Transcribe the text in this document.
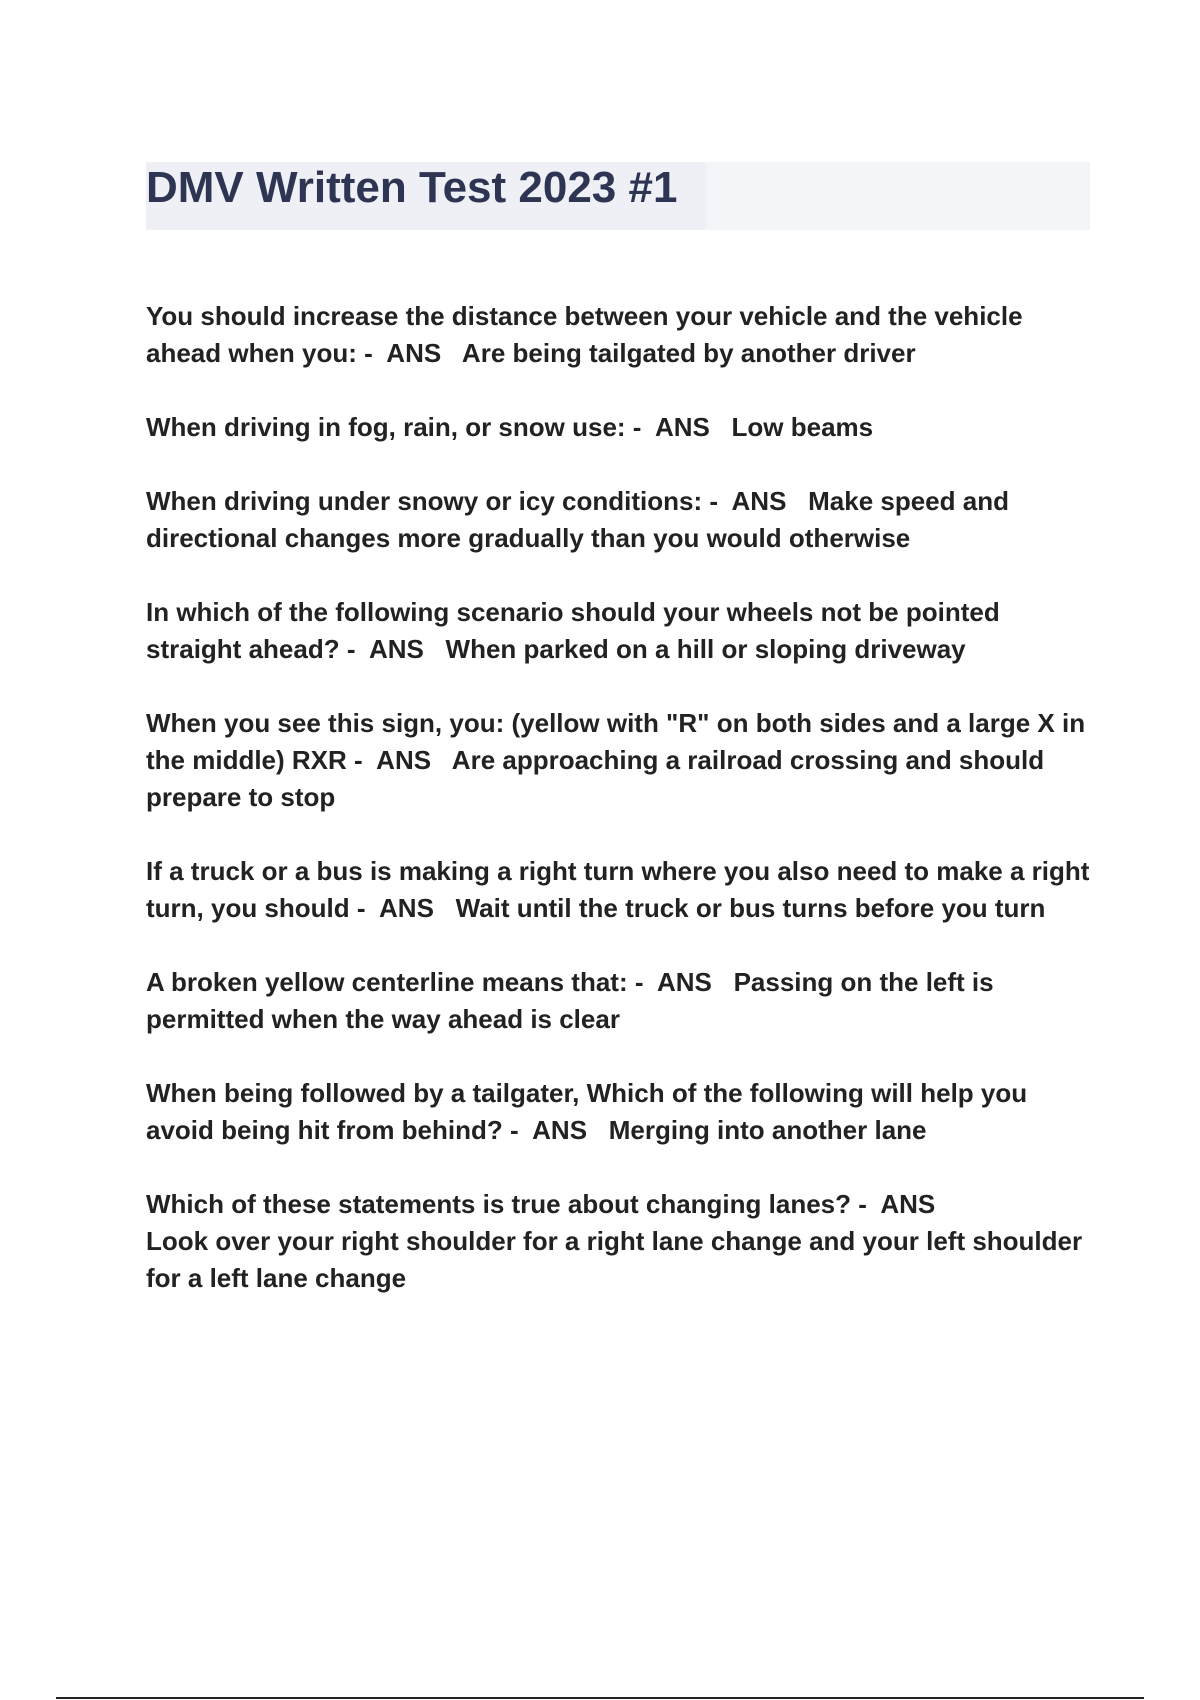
DMV Written Test 2023 #1
You should increase the distance between your vehicle and the vehicle ahead when you: -  ANS Are being tailgated by another driver
When driving in fog, rain, or snow use: -  ANS Low beams
When driving under snowy or icy conditions: -  ANS Make speed and directional changes more gradually than you would otherwise
In which of the following scenario should your wheels not be pointed straight ahead? -  ANS When parked on a hill or sloping driveway
When you see this sign, you: (yellow with "R" on both sides and a large X in the middle) RXR -  ANS Are approaching a railroad crossing and should prepare to stop
If a truck or a bus is making a right turn where you also need to make a right turn, you should -  ANS Wait until the truck or bus turns before you turn
A broken yellow centerline means that: -  ANS Passing on the left is permitted when the way ahead is clear
When being followed by a tailgater, Which of the following will help you avoid being hit from behind? -  ANS Merging into another lane
Which of these statements is true about changing lanes? -  ANS
Look over your right shoulder for a right lane change and your left shoulder for a left lane change
